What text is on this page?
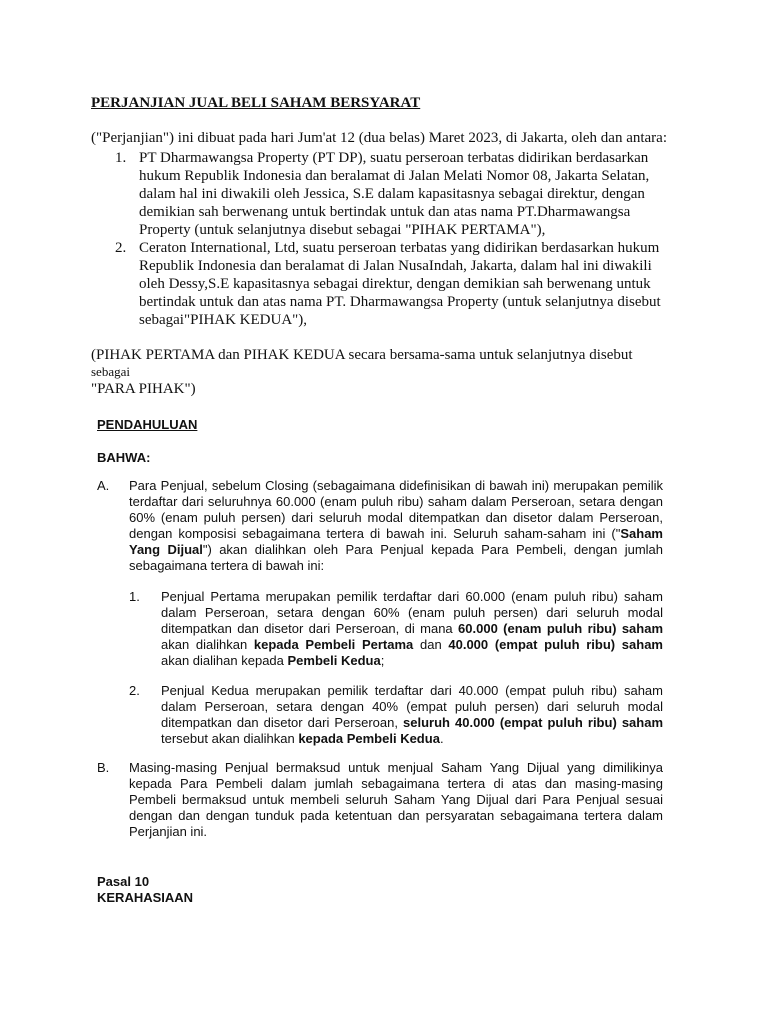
PERJANJIAN JUAL BELI SAHAM BERSYARAT
("Perjanjian") ini dibuat pada hari Jum'at 12 (dua belas) Maret 2023, di Jakarta, oleh dan antara:
1. PT Dharmawangsa Property (PT DP), suatu perseroan terbatas didirikan berdasarkan hukum Republik Indonesia dan beralamat di Jalan Melati Nomor 08, Jakarta Selatan, dalam hal ini diwakili oleh Jessica, S.E dalam kapasitasnya sebagai direktur, dengan demikian sah berwenang untuk bertindak untuk dan atas nama PT.Dharmawangsa Property (untuk selanjutnya disebut sebagai "PIHAK PERTAMA"),

2. Ceraton International, Ltd, suatu perseroan terbatas yang didirikan berdasarkan hukum Republik Indonesia dan beralamat di Jalan NusaIndah, Jakarta, dalam hal ini diwakili oleh Dessy,S.E kapasitasnya sebagai direktur, dengan demikian sah berwenang untuk bertindak untuk dan atas nama PT. Dharmawangsa Property (untuk selanjutnya disebut sebagai"PIHAK KEDUA"),

(PIHAK PERTAMA dan PIHAK KEDUA secara bersama-sama untuk selanjutnya disebut
sebagai
"PARA PIHAK")
PENDAHULUAN
BAHWA:
A. Para Penjual, sebelum Closing (sebagaimana didefinisikan di bawah ini) merupakan pemilik terdaftar dari seluruhnya 60.000 (enam puluh ribu) saham dalam Perseroan, setara dengan 60% (enam puluh persen) dari seluruh modal ditempatkan dan disetor dalam Perseroan, dengan komposisi sebagaimana tertera di bawah ini. Seluruh saham-saham ini ("Saham Yang Dijual") akan dialihkan oleh Para Penjual kepada Para Pembeli, dengan jumlah sebagaimana tertera di bawah ini:

1. Penjual Pertama merupakan pemilik terdaftar dari 60.000 (enam puluh ribu) saham dalam Perseroan, setara dengan 60% (enam puluh persen) dari seluruh modal ditempatkan dan disetor dari Perseroan, di mana 60.000 (enam puluh ribu) saham akan dialihkan kepada Pembeli Pertama dan 40.000 (empat puluh ribu) saham akan dialihan kepada Pembeli Kedua;

2. Penjual Kedua merupakan pemilik terdaftar dari 40.000 (empat puluh ribu) saham dalam Perseroan, setara dengan 40% (empat puluh persen) dari seluruh modal ditempatkan dan disetor dari Perseroan, seluruh 40.000 (empat puluh ribu) saham tersebut akan dialihkan kepada Pembeli Kedua.

B. Masing-masing Penjual bermaksud untuk menjual Saham Yang Dijual yang dimilikinya kepada Para Pembeli dalam jumlah sebagaimana tertera di atas dan masing-masing Pembeli bermaksud untuk membeli seluruh Saham Yang Dijual dari Para Penjual sesuai dengan dan dengan tunduk pada ketentuan dan persyaratan sebagaimana tertera dalam Perjanjian ini.

Pasal 10
KERAHASIAAN
